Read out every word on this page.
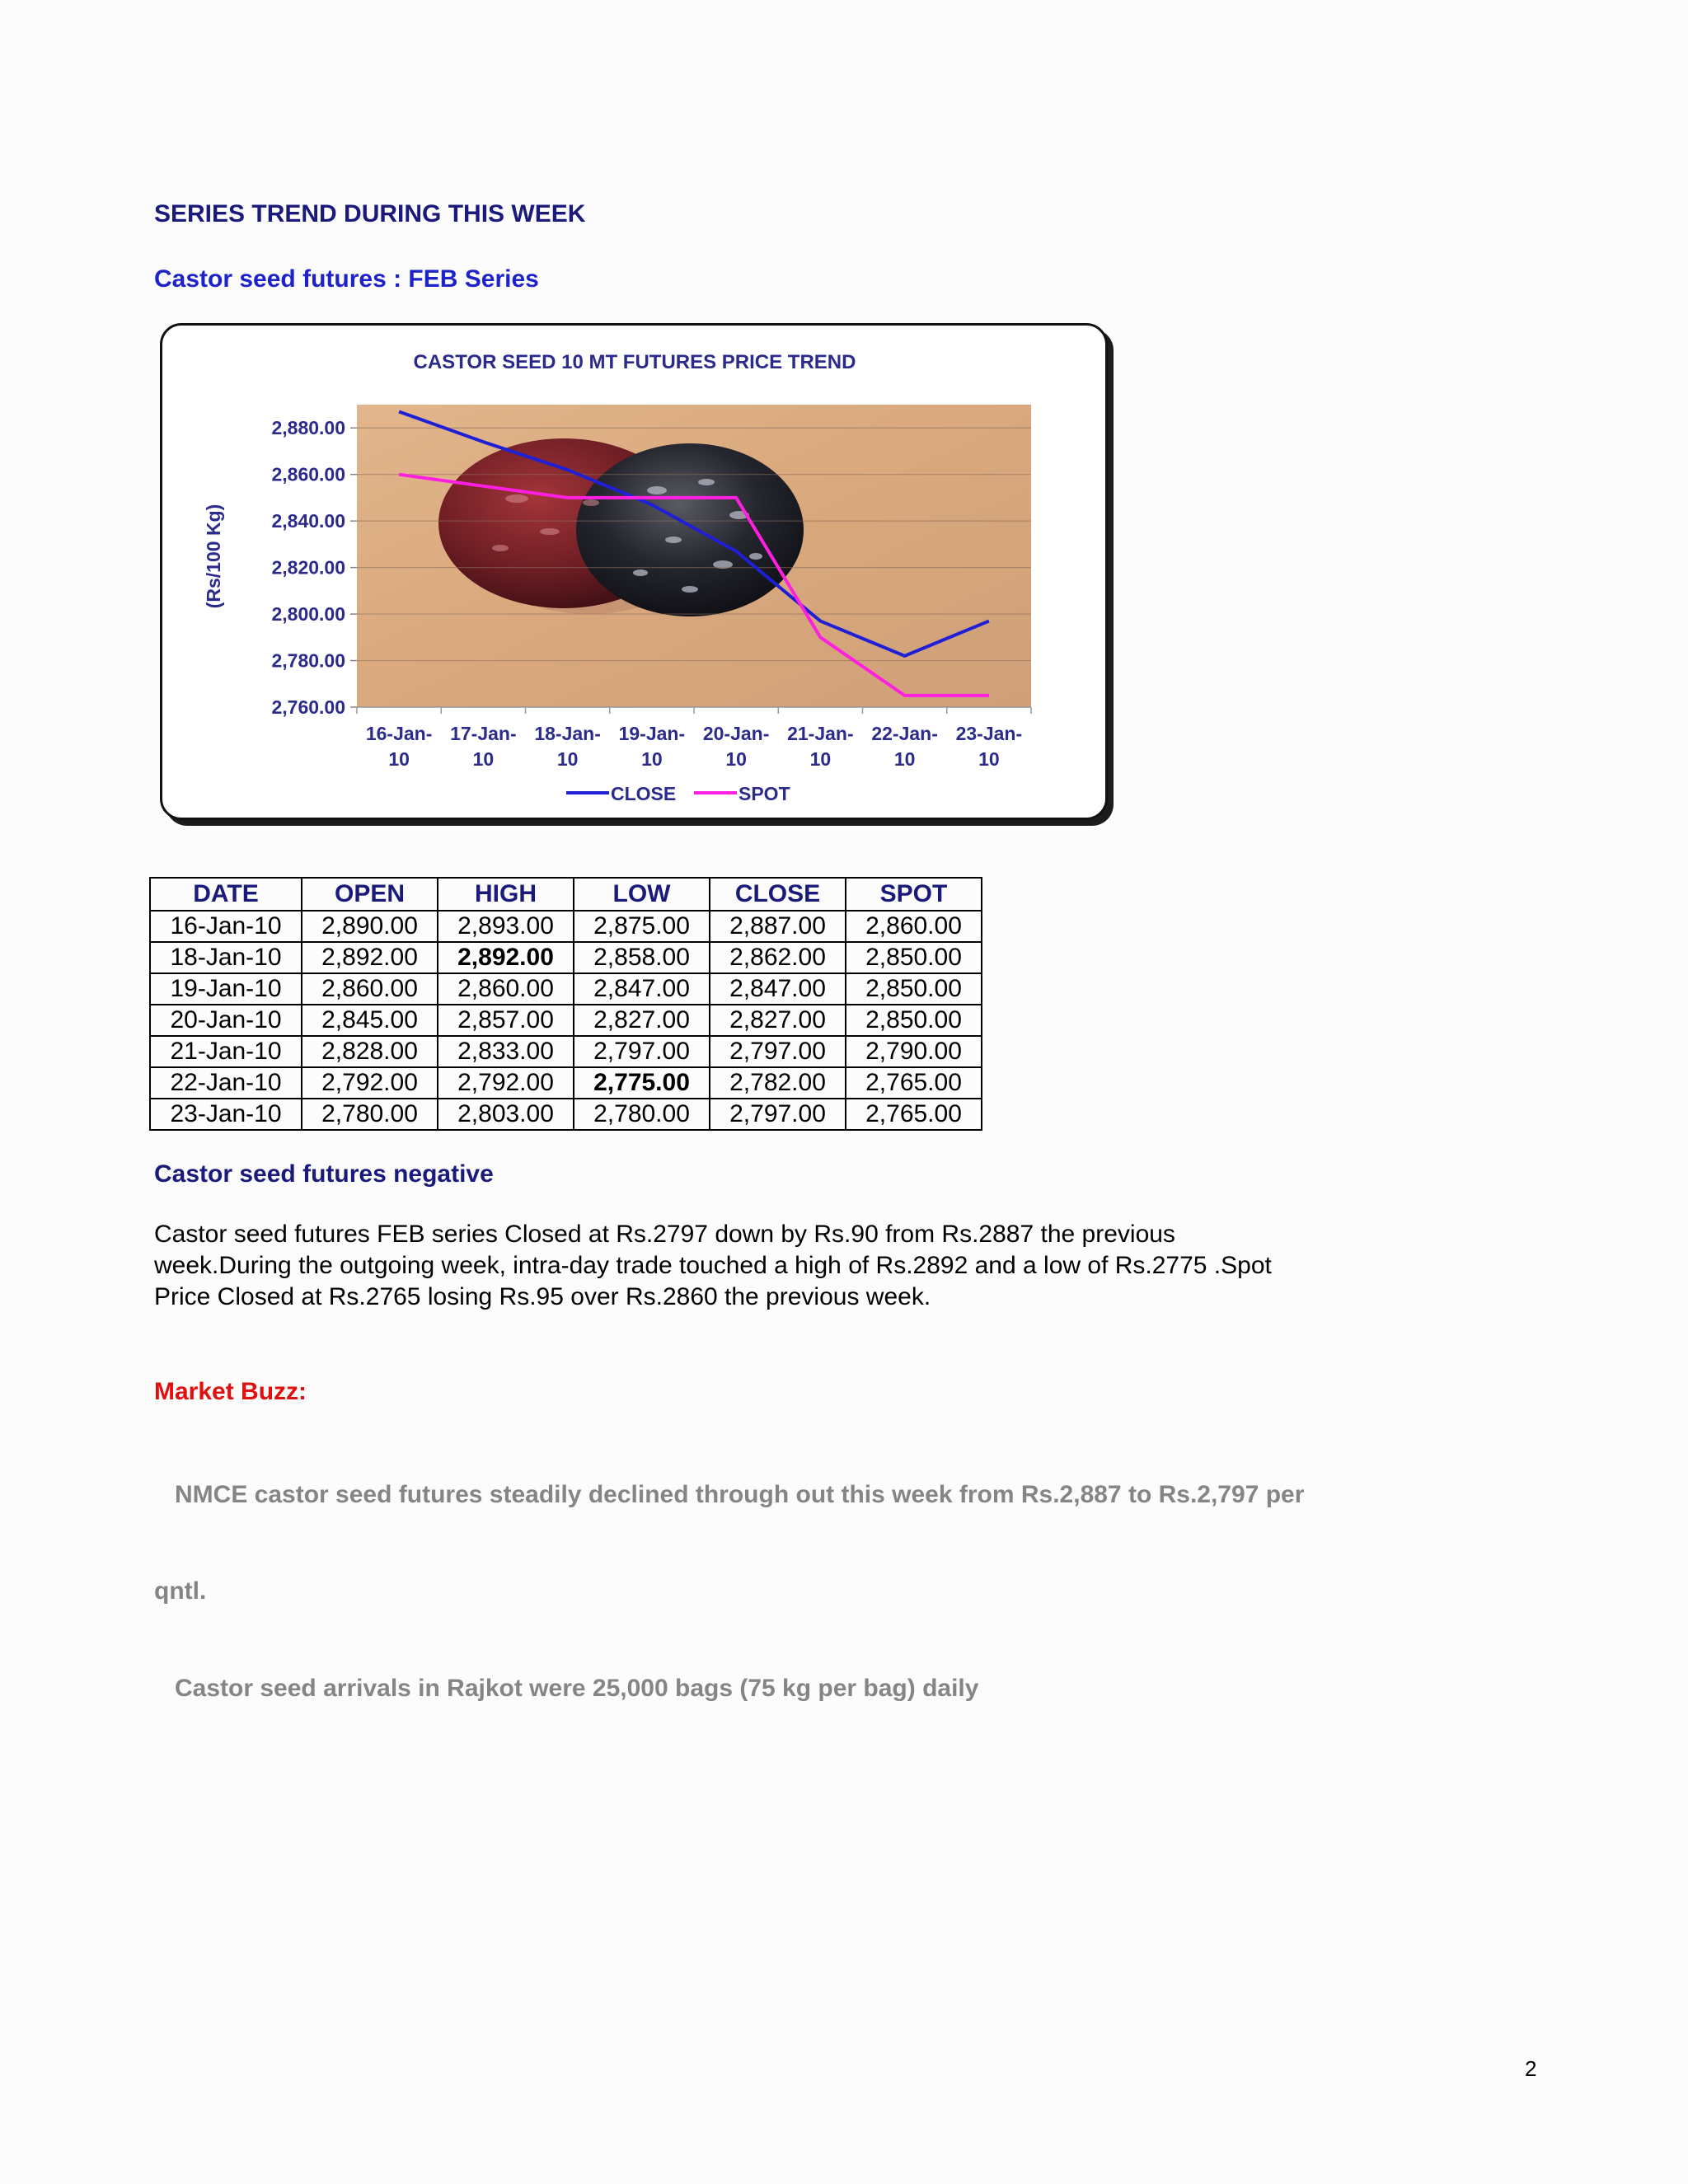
SERIES TREND DURING THIS WEEK
Castor seed futures : FEB Series
CASTOR SEED 10 MT FUTURES PRICE TREND
2,760.00
2,780.00
2,800.00
2,820.00
2,840.00
2,860.00
2,880.00
16-Jan-10
17-Jan-10
18-Jan-10
19-Jan-10
20-Jan-10
21-Jan-10
22-Jan-10
23-Jan-10
(Rs/100 Kg)
CLOSE	SPOT
DATE	OPEN	HIGH	LOW	CLOSE	SPOT
16-Jan-10	2,890.00	2,893.00	2,875.00	2,887.00	2,860.00
18-Jan-10	2,892.00	2,892.00	2,858.00	2,862.00	2,850.00
19-Jan-10	2,860.00	2,860.00	2,847.00	2,847.00	2,850.00
20-Jan-10	2,845.00	2,857.00	2,827.00	2,827.00	2,850.00
21-Jan-10	2,828.00	2,833.00	2,797.00	2,797.00	2,790.00
22-Jan-10	2,792.00	2,792.00	2,775.00	2,782.00	2,765.00
23-Jan-10	2,780.00	2,803.00	2,780.00	2,797.00	2,765.00
Castor seed futures negative
Castor seed futures FEB series Closed at Rs.2797 down by Rs.90 from Rs.2887 the previous
week.During the outgoing week, intra-day trade touched a high of Rs.2892 and a low of Rs.2775 .Spot
Price Closed at Rs.2765 losing Rs.95 over Rs.2860 the previous week.
Market Buzz:

NMCE castor seed futures steadily declined through out this week from Rs.2,887 to Rs.2,797 per

qntl.

Castor seed arrivals in Rajkot were 25,000 bags (75 kg per bag) daily

2
